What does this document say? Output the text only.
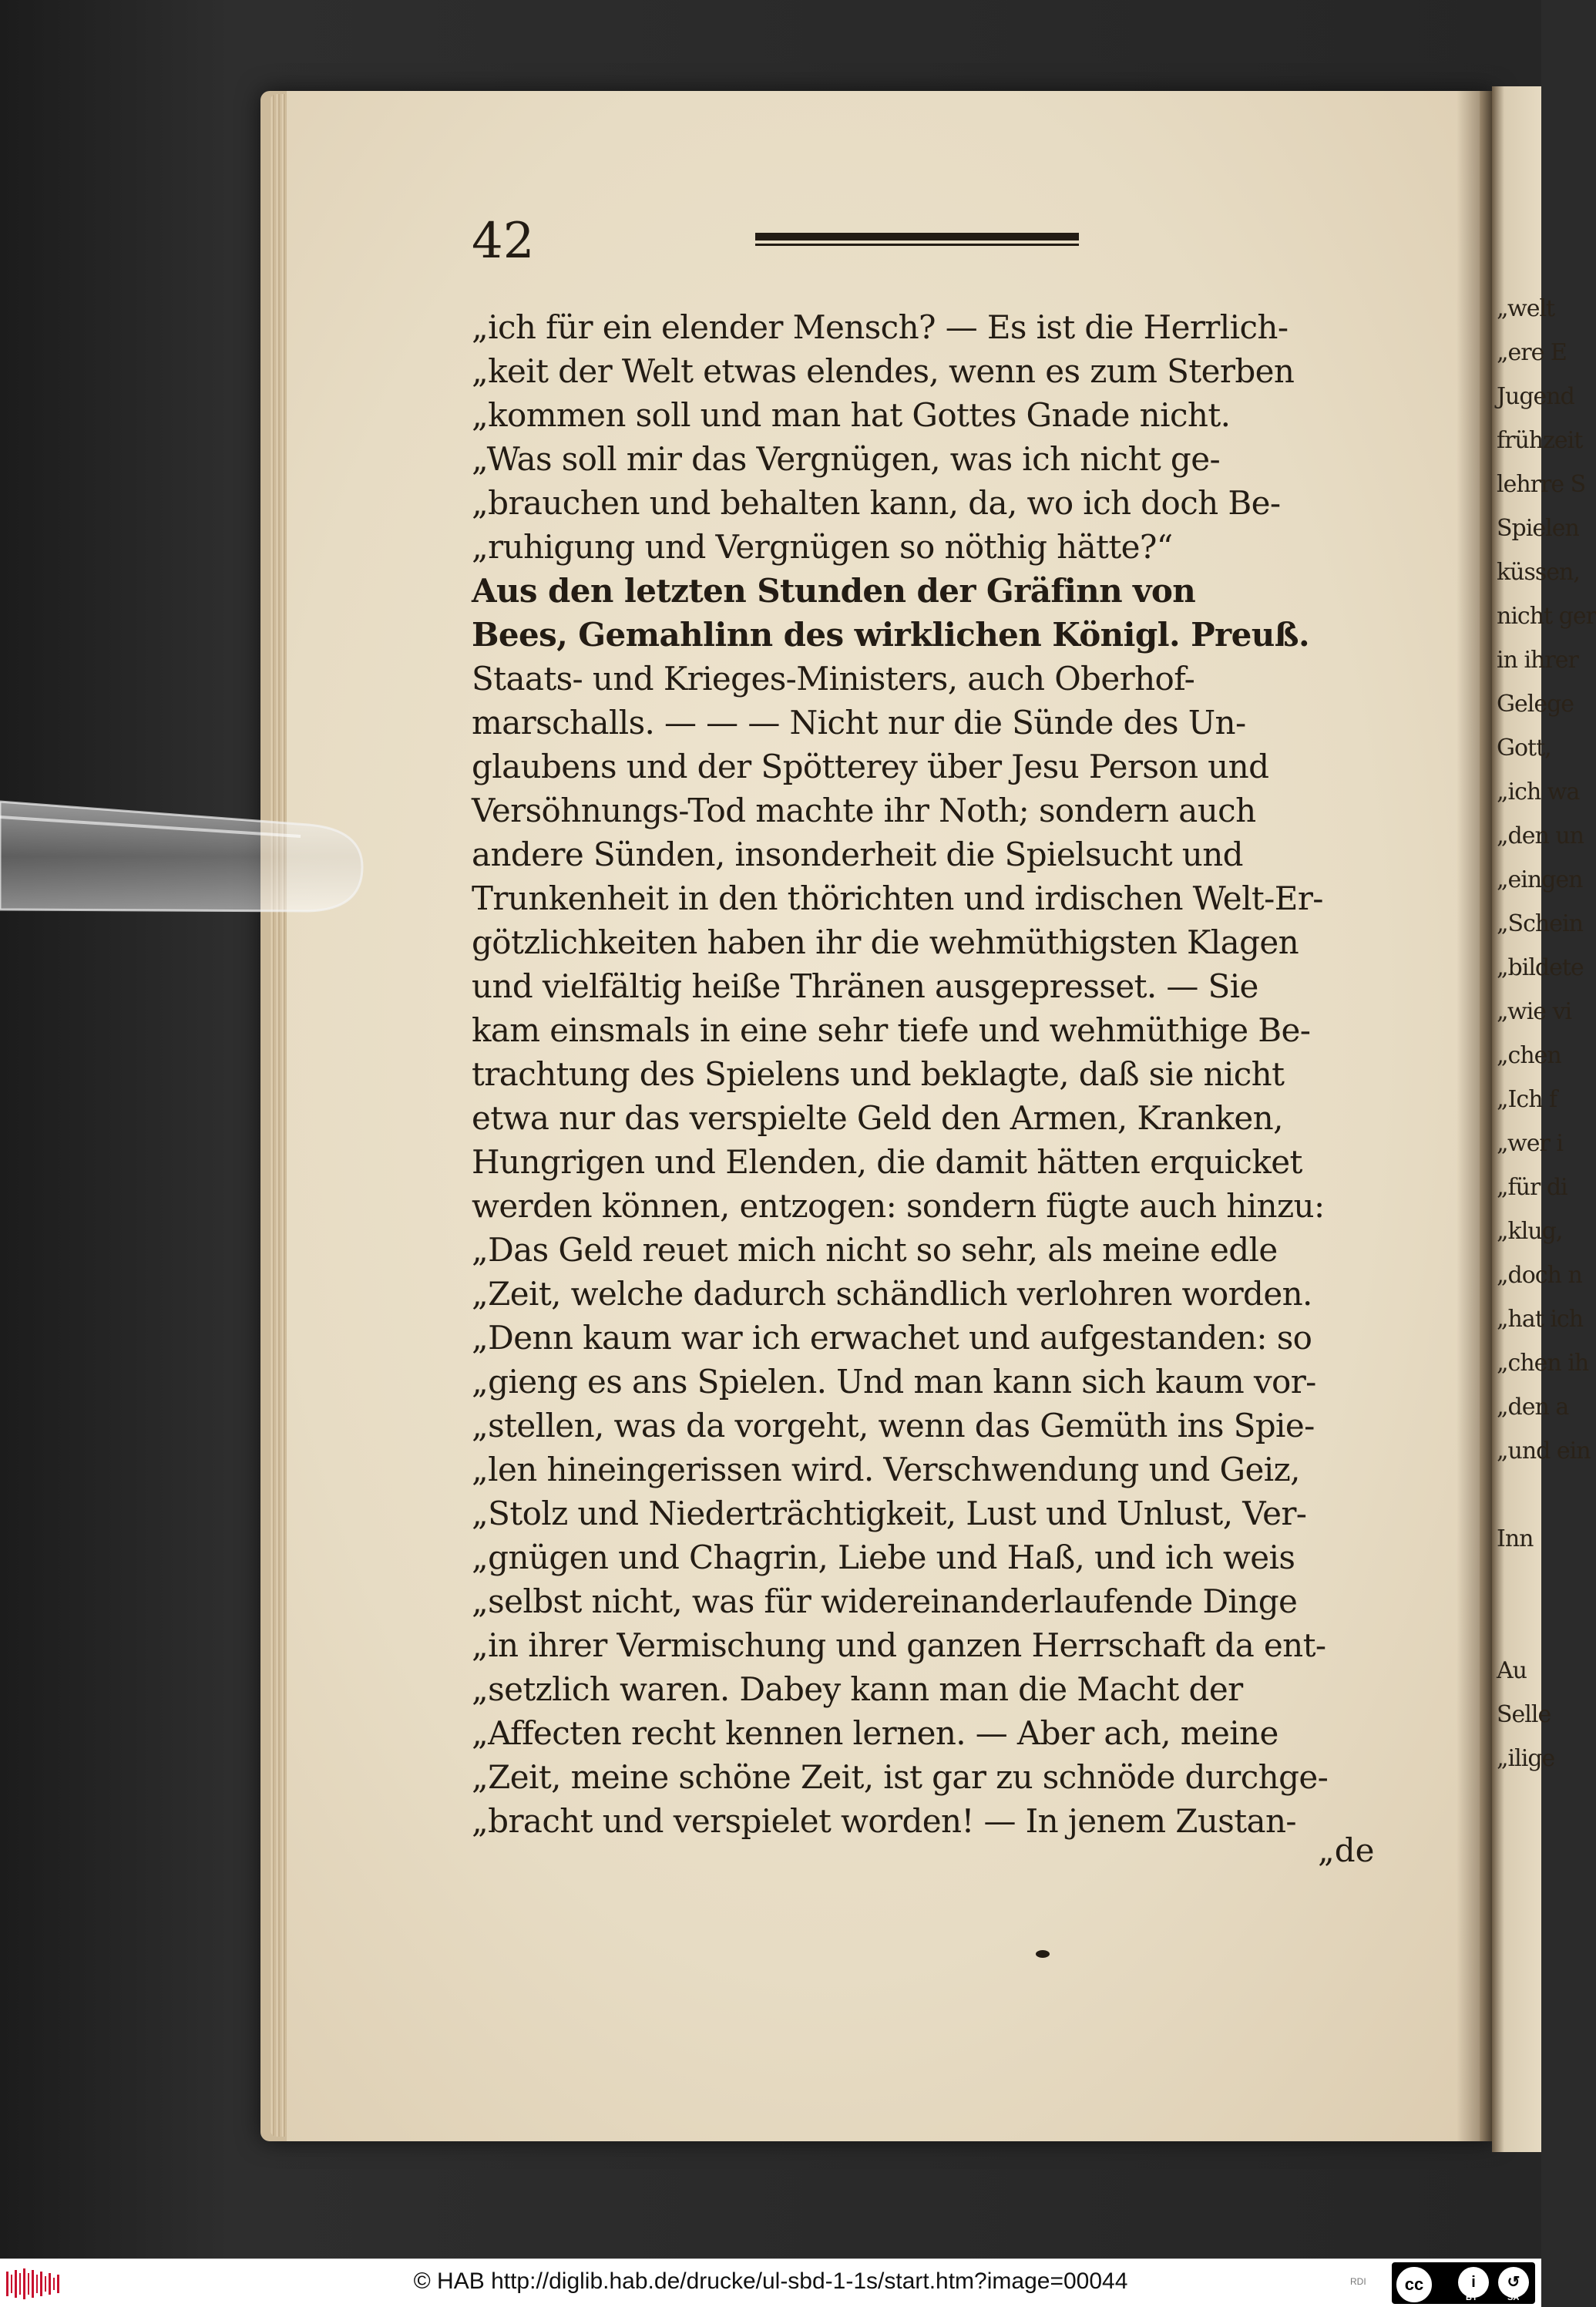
„welt
„ere E
Jugend
frühzeit
lehrre S
Spielen
küssen,
nicht ger
in ihrer
Gelege
Gott,
„ich wa
„den un
„eingen
„Schein
„bildete
„wie vi
„chen
„Ich f
„wer i
„für di
„klug,
„doch n
„hat ich
„chen ih
„den a
„und ein
Inn
Au
Selle
„ilige
42
„ich für ein elender Mensch? — Es ist die Herrlich-
„keit der Welt etwas elendes, wenn es zum Sterben
„kommen soll und man hat Gottes Gnade nicht.
„Was soll mir das Vergnügen, was ich nicht ge-
„brauchen und behalten kann, da, wo ich doch Be-
„ruhigung und Vergnügen so nöthig hätte?“
Aus den letzten Stunden der Gräfinn von
Bees, Gemahlinn des wirklichen Königl. Preuß.
Staats- und Krieges-Ministers, auch Oberhof-
marschalls. — — — Nicht nur die Sünde des Un-
glaubens und der Spötterey über Jesu Person und
Versöhnungs-Tod machte ihr Noth; sondern auch
andere Sünden, insonderheit die Spielsucht und
Trunkenheit in den thörichten und irdischen Welt-Er-
götzlichkeiten haben ihr die wehmüthigsten Klagen
und vielfältig heiße Thränen ausgepresset. — Sie
kam einsmals in eine sehr tiefe und wehmüthige Be-
trachtung des Spielens und beklagte, daß sie nicht
etwa nur das verspielte Geld den Armen, Kranken,
Hungrigen und Elenden, die damit hätten erquicket
werden können, entzogen: sondern fügte auch hinzu:
„Das Geld reuet mich nicht so sehr, als meine edle
„Zeit, welche dadurch schändlich verlohren worden.
„Denn kaum war ich erwachet und aufgestanden: so
„gieng es ans Spielen. Und man kann sich kaum vor-
„stellen, was da vorgeht, wenn das Gemüth ins Spie-
„len hineingerissen wird. Verschwendung und Geiz,
„Stolz und Niederträchtigkeit, Lust und Unlust, Ver-
„gnügen und Chagrin, Liebe und Haß, und ich weis
„selbst nicht, was für widereinanderlaufende Dinge
„in ihrer Vermischung und ganzen Herrschaft da ent-
„setzlich waren. Dabey kann man die Macht der
„Affecten recht kennen lernen. — Aber ach, meine
„Zeit, meine schöne Zeit, ist gar zu schnöde durchge-
„bracht und verspielet worden! — In jenem Zustan-
„de
© HAB http://diglib.hab.de/drucke/ul-sbd-1-1s/start.htm?image=00044	RDI	cc	i
BY
↺
SA
